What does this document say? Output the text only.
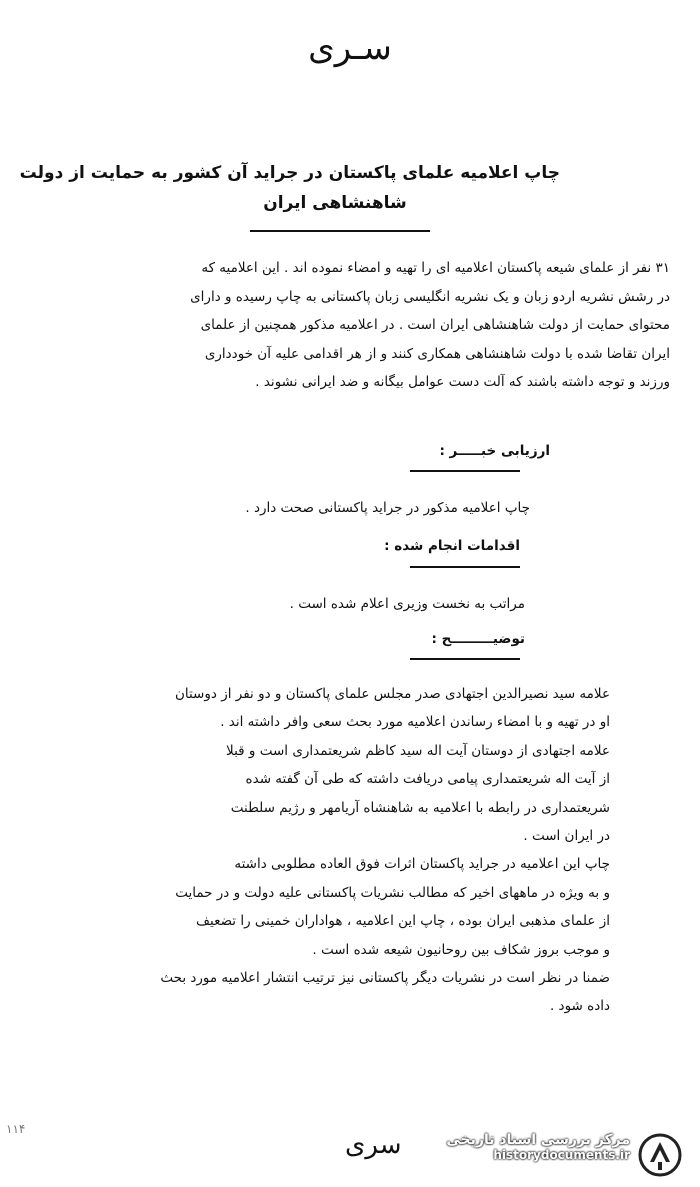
سـری
چاپ اعلامیه علمای پاکستان در جراید آن کشور به حمایت از دولت
شاهنشاهی ایران

۳۱ نفر از علمای شیعه پاکستان اعلامیه ای را تهیه و امضاء نموده اند . این اعلامیه که

در رشش نشریه اردو زبان و یک نشریه انگلیسی زبان پاکستانی به چاپ رسیده و دارای

محتوای حمایت از دولت شاهنشاهی ایران است . در اعلامیه مذکور همچنین از علمای

ایران تقاضا شده با دولت شاهنشاهی همکاری کنند و از هر اقدامی علیه آن خودداری

ورزند و توجه داشته باشند که آلت دست عوامل بیگانه و ضد ایرانی نشوند .

ارزیابی خبـــــر :
چاپ اعلامیه مذکور در جراید پاکستانی صحت دارد .
اقدامات انجام شده :
مراتب به نخست وزیری اعلام شده است .
توضیـــــــــح :

علامه سید نصیرالدین اجتهادی صدر مجلس علمای پاکستان و دو نفر از دوستان

او در تهیه و با امضاء رساندن اعلامیه مورد بحث سعی وافر داشته اند .

علامه اجتهادی از دوستان آیت اله سید کاظم شریعتمداری است و قبلا

از آیت اله شریعتمداری پیامی دریافت داشته که طی آن گفته شده

شریعتمداری در رابطه با اعلامیه به شاهنشاه آریامهر و رژیم سلطنت

در ایران است .

چاپ این اعلامیه در جراید پاکستان اثرات فوق العاده مطلوبی داشته

و به ویژه در ماههای اخیر که مطالب نشریات پاکستانی علیه دولت و در حمایت

از علمای مذهبی ایران بوده ، چاپ این اعلامیه ، هواداران خمینی را تضعیف

و موجب بروز شکاف بین روحانیون شیعه شده است .

ضمنا در نظر است در نشریات دیگر پاکستانی نیز ترتیب انتشار اعلامیه مورد بحث

داده شود .

۱۱۴
سری	مرکز بررسی اسناد تاریخی
historydocuments.ir
